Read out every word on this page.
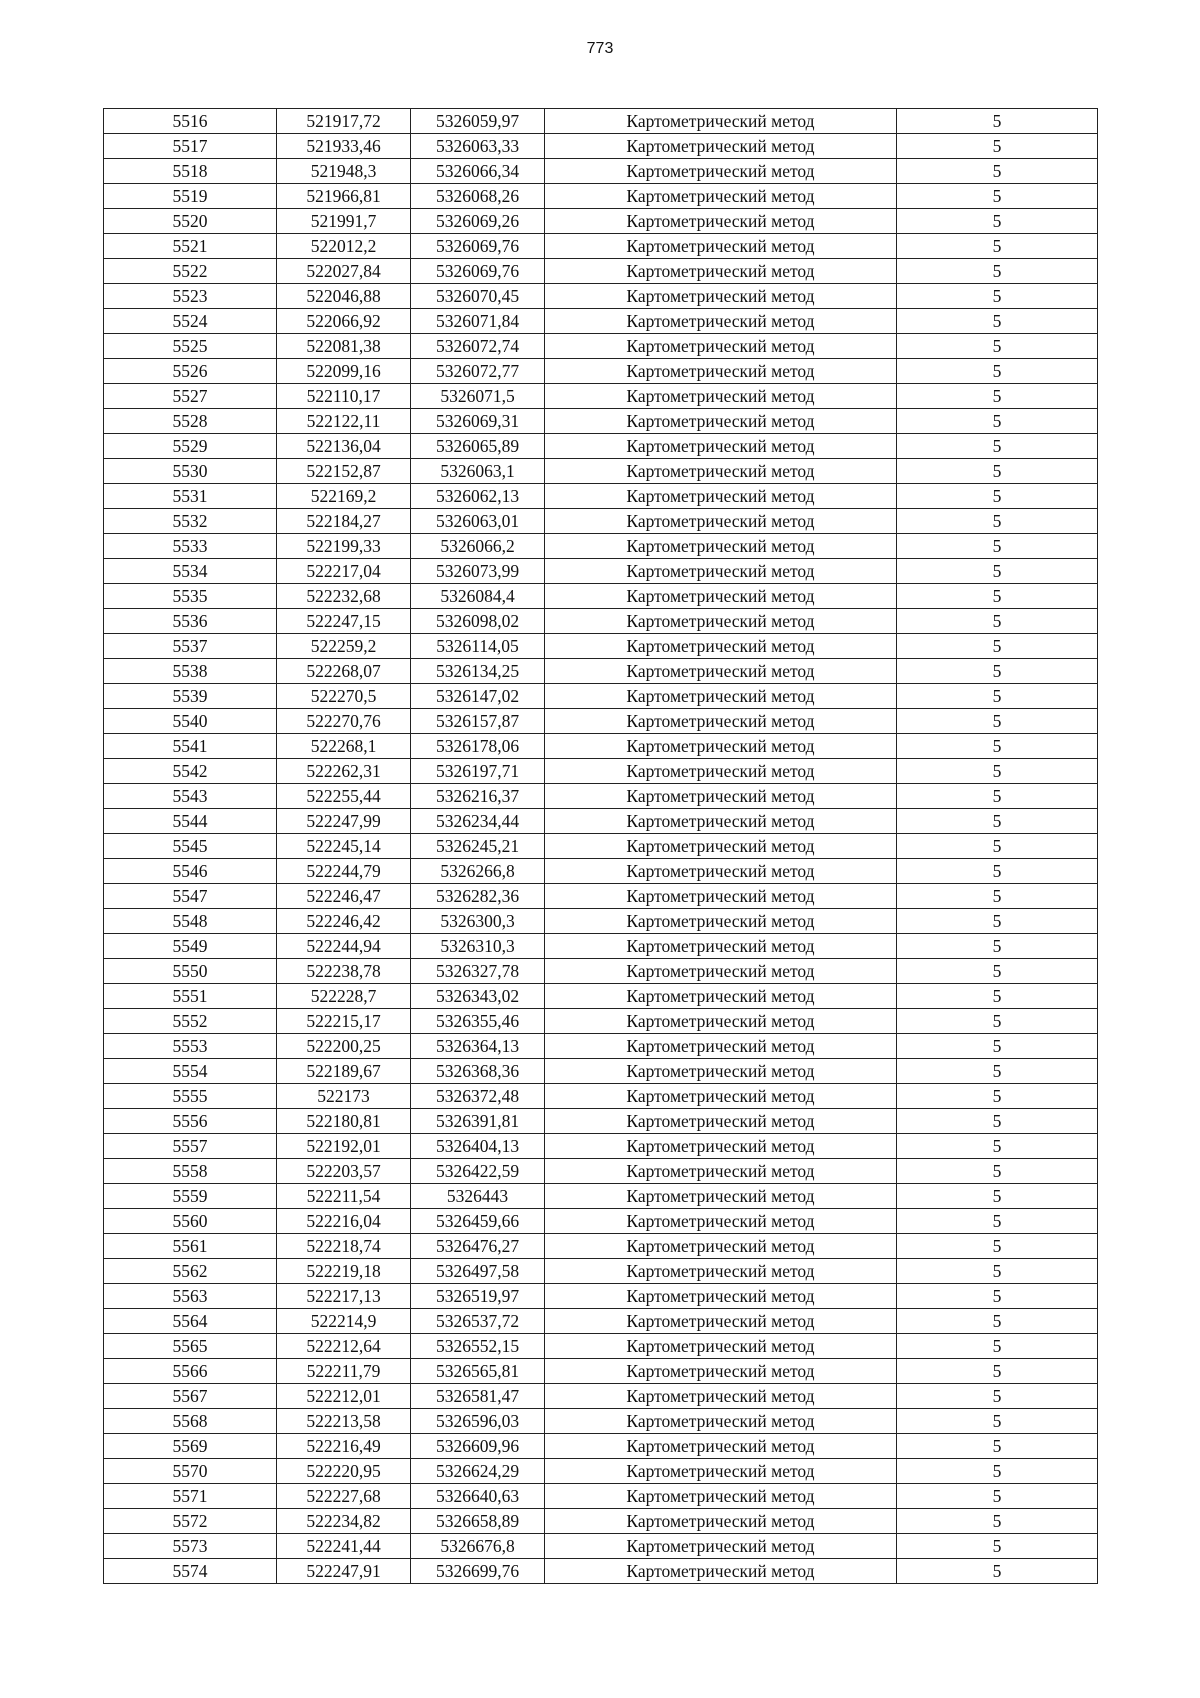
773
5516	521917,72	5326059,97	Картометрический метод	5
5517	521933,46	5326063,33	Картометрический метод	5
5518	521948,3	5326066,34	Картометрический метод	5
5519	521966,81	5326068,26	Картометрический метод	5
5520	521991,7	5326069,26	Картометрический метод	5
5521	522012,2	5326069,76	Картометрический метод	5
5522	522027,84	5326069,76	Картометрический метод	5
5523	522046,88	5326070,45	Картометрический метод	5
5524	522066,92	5326071,84	Картометрический метод	5
5525	522081,38	5326072,74	Картометрический метод	5
5526	522099,16	5326072,77	Картометрический метод	5
5527	522110,17	5326071,5	Картометрический метод	5
5528	522122,11	5326069,31	Картометрический метод	5
5529	522136,04	5326065,89	Картометрический метод	5
5530	522152,87	5326063,1	Картометрический метод	5
5531	522169,2	5326062,13	Картометрический метод	5
5532	522184,27	5326063,01	Картометрический метод	5
5533	522199,33	5326066,2	Картометрический метод	5
5534	522217,04	5326073,99	Картометрический метод	5
5535	522232,68	5326084,4	Картометрический метод	5
5536	522247,15	5326098,02	Картометрический метод	5
5537	522259,2	5326114,05	Картометрический метод	5
5538	522268,07	5326134,25	Картометрический метод	5
5539	522270,5	5326147,02	Картометрический метод	5
5540	522270,76	5326157,87	Картометрический метод	5
5541	522268,1	5326178,06	Картометрический метод	5
5542	522262,31	5326197,71	Картометрический метод	5
5543	522255,44	5326216,37	Картометрический метод	5
5544	522247,99	5326234,44	Картометрический метод	5
5545	522245,14	5326245,21	Картометрический метод	5
5546	522244,79	5326266,8	Картометрический метод	5
5547	522246,47	5326282,36	Картометрический метод	5
5548	522246,42	5326300,3	Картометрический метод	5
5549	522244,94	5326310,3	Картометрический метод	5
5550	522238,78	5326327,78	Картометрический метод	5
5551	522228,7	5326343,02	Картометрический метод	5
5552	522215,17	5326355,46	Картометрический метод	5
5553	522200,25	5326364,13	Картометрический метод	5
5554	522189,67	5326368,36	Картометрический метод	5
5555	522173	5326372,48	Картометрический метод	5
5556	522180,81	5326391,81	Картометрический метод	5
5557	522192,01	5326404,13	Картометрический метод	5
5558	522203,57	5326422,59	Картометрический метод	5
5559	522211,54	5326443	Картометрический метод	5
5560	522216,04	5326459,66	Картометрический метод	5
5561	522218,74	5326476,27	Картометрический метод	5
5562	522219,18	5326497,58	Картометрический метод	5
5563	522217,13	5326519,97	Картометрический метод	5
5564	522214,9	5326537,72	Картометрический метод	5
5565	522212,64	5326552,15	Картометрический метод	5
5566	522211,79	5326565,81	Картометрический метод	5
5567	522212,01	5326581,47	Картометрический метод	5
5568	522213,58	5326596,03	Картометрический метод	5
5569	522216,49	5326609,96	Картометрический метод	5
5570	522220,95	5326624,29	Картометрический метод	5
5571	522227,68	5326640,63	Картометрический метод	5
5572	522234,82	5326658,89	Картометрический метод	5
5573	522241,44	5326676,8	Картометрический метод	5
5574	522247,91	5326699,76	Картометрический метод	5
